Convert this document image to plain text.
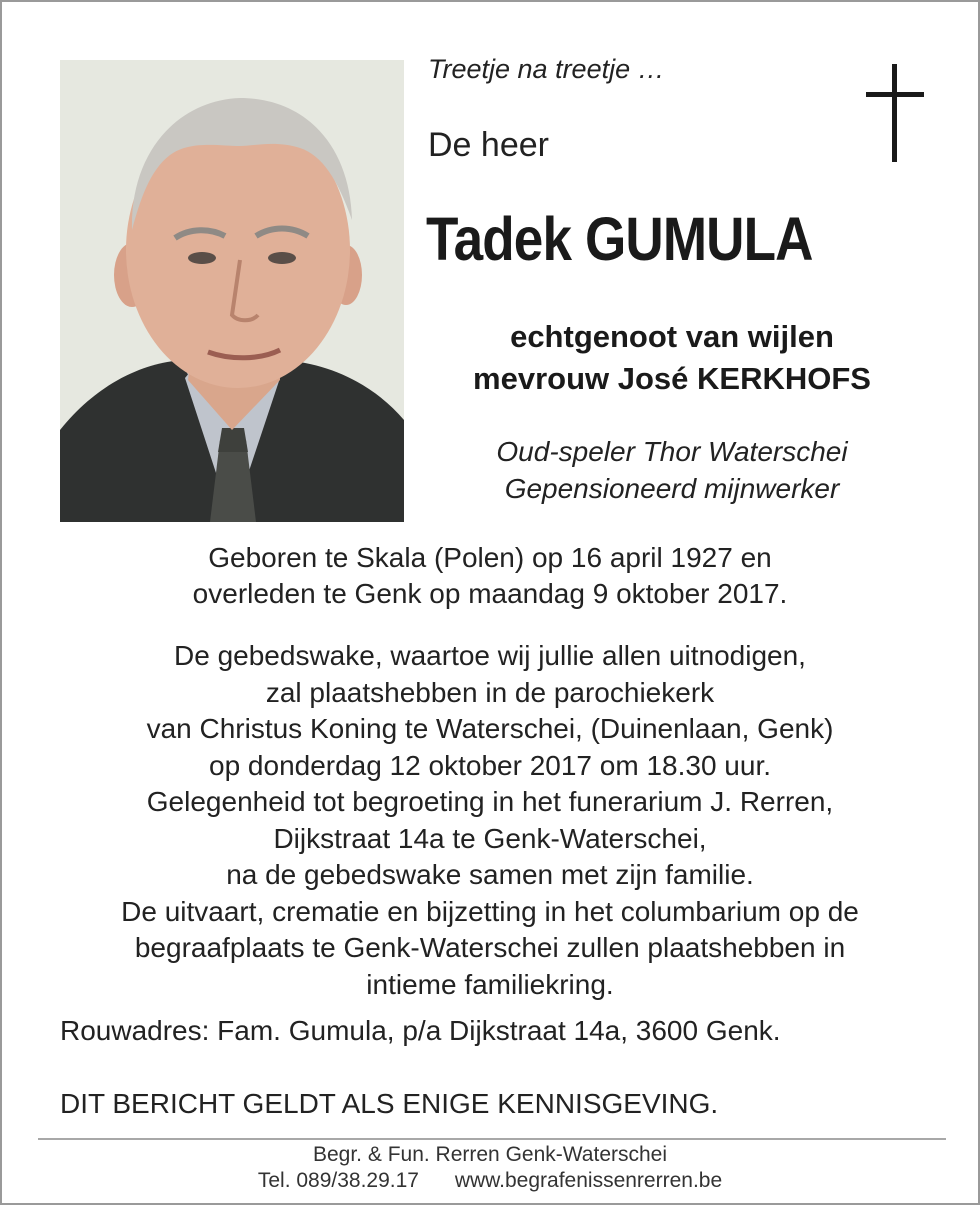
Treetje na treetje …
De heer
Tadek GUMULA
echtgenoot van wijlen
mevrouw José KERKHOFS
Oud-speler Thor Waterschei
Gepensioneerd mijnwerker
Geboren te Skala (Polen) op 16 april 1927 en
overleden te Genk op maandag 9 oktober 2017.
De gebedswake, waartoe wij jullie allen uitnodigen,
zal plaatshebben in de parochiekerk
van Christus Koning te Waterschei, (Duinenlaan, Genk)
op donderdag 12 oktober 2017 om 18.30 uur.
Gelegenheid tot begroeting in het funerarium J. Rerren,
Dijkstraat 14a te Genk-Waterschei,
na de gebedswake samen met zijn familie.
De uitvaart, crematie en bijzetting in het columbarium op de
begraafplaats te Genk-Waterschei zullen plaatshebben in
intieme familiekring.
Rouwadres: Fam. Gumula, p/a Dijkstraat 14a, 3600 Genk.
DIT BERICHT GELDT ALS ENIGE KENNISGEVING.
Begr. & Fun. Rerren Genk-Waterschei
Tel. 089/38.29.17 www.begrafenissenrerren.be
